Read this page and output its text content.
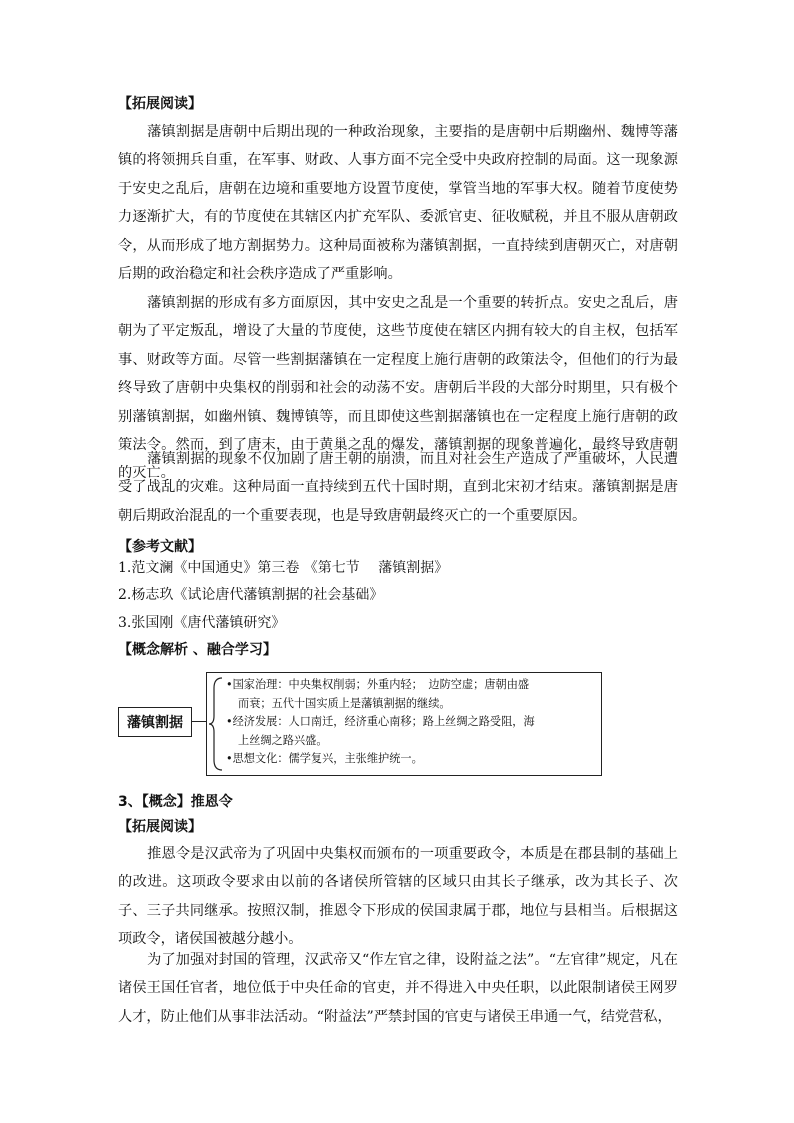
【拓展阅读】
藩镇割据是唐朝中后期出现的一种政治现象，主要指的是唐朝中后期幽州、魏博等藩镇的将领拥兵自重，在军事、财政、人事方面不完全受中央政府控制的局面。这一现象源于安史之乱后，唐朝在边境和重要地方设置节度使，掌管当地的军事大权。随着节度使势力逐渐扩大，有的节度使在其辖区内扩充军队、委派官吏、征收赋税，并且不服从唐朝政令，从而形成了地方割据势力。这种局面被称为藩镇割据，一直持续到唐朝灭亡，对唐朝后期的政治稳定和社会秩序造成了严重影响。
藩镇割据的形成有多方面原因，其中安史之乱是一个重要的转折点。安史之乱后，唐朝为了平定叛乱，增设了大量的节度使，这些节度使在辖区内拥有较大的自主权，包括军事、财政等方面。尽管一些割据藩镇在一定程度上施行唐朝的政策法令，但他们的行为最终导致了唐朝中央集权的削弱和社会的动荡不安。唐朝后半段的大部分时期里，只有极个别藩镇割据，如幽州镇、魏博镇等，而且即使这些割据藩镇也在一定程度上施行唐朝的政策法令。然而，到了唐末，由于黄巢之乱的爆发，藩镇割据的现象普遍化，最终导致唐朝的灭亡。
藩镇割据的现象不仅加剧了唐王朝的崩溃，而且对社会生产造成了严重破坏，人民遭受了战乱的灾难。这种局面一直持续到五代十国时期，直到北宋初才结束。藩镇割据是唐朝后期政治混乱的一个重要表现，也是导致唐朝最终灭亡的一个重要原因。
【参考文献】
1.范文澜《中国通史》第三卷 《第七节 　藩镇割据》
2.杨志玖《试论唐代藩镇割据的社会基础》
3.张国刚《唐代藩镇研究》
【概念解析 、融合学习】
藩镇割据
•国家治理：中央集权削弱；外重内轻；　边防空虚；唐朝由盛
而衰；五代十国实质上是藩镇割据的继续。
•经济发展：人口南迁，经济重心南移；路上丝绸之路受阻，海
上丝绸之路兴盛。
•思想文化：儒学复兴，主张维护统一。
3、【概念】推恩令
【拓展阅读】
推恩令是汉武帝为了巩固中央集权而颁布的一项重要政令，本质是在郡县制的基础上的改进。这项政令要求由以前的各诸侯所管辖的区域只由其长子继承，改为其长子、次子、三子共同继承。按照汉制，推恩令下形成的侯国隶属于郡，地位与县相当。后根据这项政令，诸侯国被越分越小。
为了加强对封国的管理，汉武帝又“作左官之律，设附益之法”。“左官律”规定，凡在诸侯王国任官者，地位低于中央任命的官吏，并不得进入中央任职，以此限制诸侯王网罗人才，防止他们从事非法活动。“附益法”严禁封国的官吏与诸侯王串通一气，结党营私，
